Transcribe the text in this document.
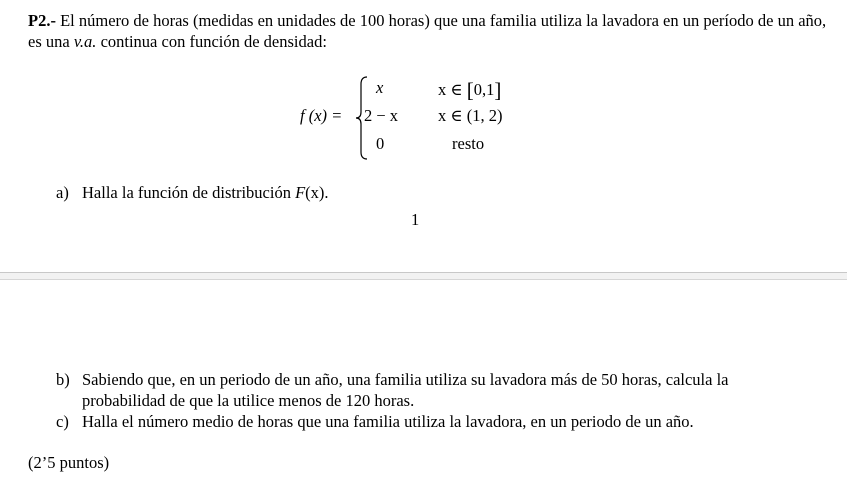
P2.- El número de horas (medidas en unidades de 100 horas) que una familia utiliza la lavadora en un período de un año, es una v.a. continua con función de densidad:
f (x) =
x
2 − x
0
x ∈ [0,1]
x ∈ (1, 2)
resto
a) Halla la función de distribución F(x).
1
b) Sabiendo que, en un periodo de un año, una familia utiliza su lavadora más de 50 horas, calcula la probabilidad de que la utilice menos de 120 horas.
c) Halla el número medio de horas que una familia utiliza la lavadora, en un periodo de un año.
(2’5 puntos)
